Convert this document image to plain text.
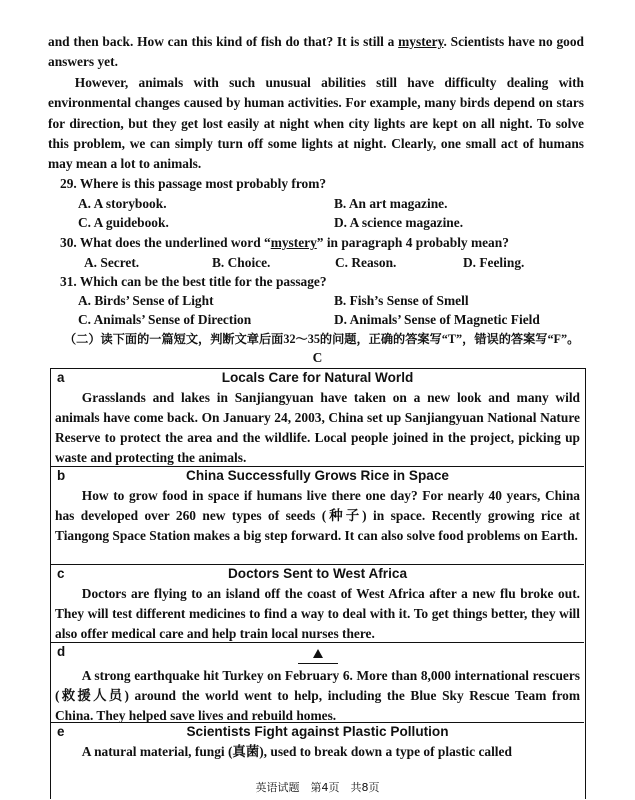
and then back. How can this kind of fish do that? It is still a mystery. Scientists have no good answers yet.
However, animals with such unusual abilities still have difficulty dealing with environmental changes caused by human activities. For example, many birds depend on stars for direction, but they get lost easily at night when city lights are kept on all night. To solve this problem, we can simply turn off some lights at night. Clearly, one small act of humans may mean a lot to animals.
29. Where is this passage most probably from?
A. A storybook.	B. An art magazine.
C. A guidebook.	D. A science magazine.
30. What does the underlined word “mystery” in paragraph 4 probably mean?
A. Secret.	B. Choice.	C. Reason.	D. Feeling.
31. Which can be the best title for the passage?
A. Birds’ Sense of Light	B. Fish’s Sense of Smell
C. Animals’ Sense of Direction	D. Animals’ Sense of Magnetic Field
（二）读下面的一篇短文，判断文章后面32～35的问题，正确的答案写“T”，错误的答案写“F”。
C
a	Locals Care for Natural World
Grasslands and lakes in Sanjiangyuan have taken on a new look and many wild animals have come back. On January 24, 2003, China set up Sanjiangyuan National Nature Reserve to protect the area and the wildlife. Local people joined in the project, picking up waste and protecting the animals.
b	China Successfully Grows Rice in Space
How to grow food in space if humans live there one day? For nearly 40 years, China has developed over 260 new types of seeds (种子) in space. Recently growing rice at Tiangong Space Station makes a big step forward. It can also solve food problems on Earth.
c	Doctors Sent to West Africa
Doctors are flying to an island off the coast of West Africa after a new flu broke out. They will test different medicines to find a way to deal with it. To get things better, they will also offer medical care and help train local nurses there.
d
A strong earthquake hit Turkey on February 6. More than 8,000 international rescuers (救援人员) around the world went to help, including the Blue Sky Rescue Team from China. They helped save lives and rebuild homes.
e	Scientists Fight against Plastic Pollution
A natural material, fungi (真菌), used to break down a type of plastic called
英语试题　第4页　共8页
